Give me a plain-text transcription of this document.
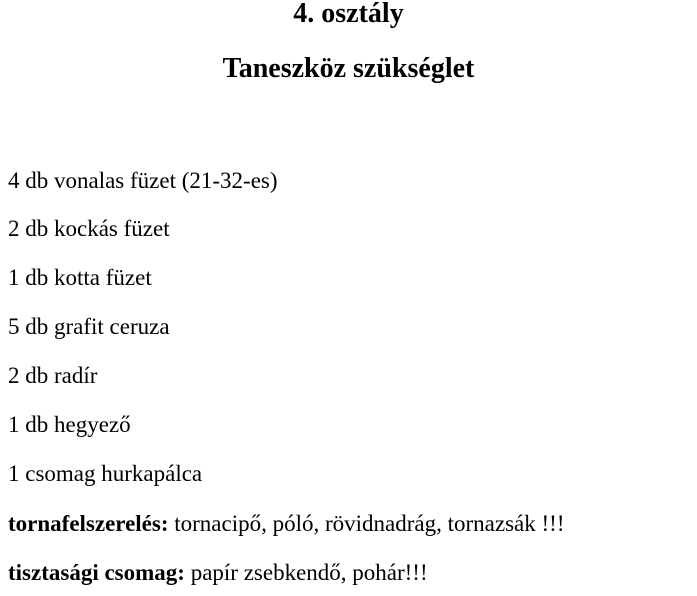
4. osztály
Taneszköz szükséglet

4 db vonalas füzet (21-32-es)

2 db kockás füzet

1 db kotta füzet

5 db grafit ceruza

2 db radír

1 db hegyező

1 csomag hurkapálca

tornafelszerelés: tornacipő, póló, rövidnadrág, tornazsák !!!

tisztasági csomag: papír zsebkendő, pohár!!!
